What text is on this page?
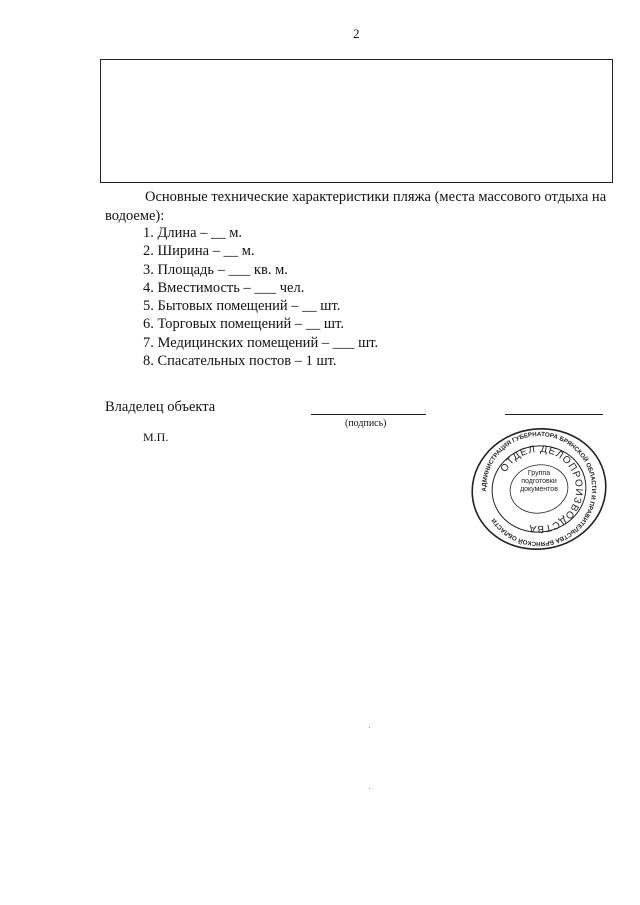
2

Основные технические характеристики пляжа (места массового отдыха на водоеме):

1. Длина – __ м.
2. Ширина – __ м.
3. Площадь – ___ кв. м.
4. Вместимость – ___ чел.
5. Бытовых помещений – __ шт.
6. Торговых помещений – __ шт.
7. Медицинских помещений – ___ шт.
8. Спасательных постов – 1 шт.
Владелец объекта
(подпись)
М.П.
АДМИНИСТРАЦИЯ ГУБЕРНАТОРА БРЯНСКОЙ ОБЛАСТИ И ПРАВИТЕЛЬСТВА БРЯНСКОЙ ОБЛАСТИ
ОТДЕЛ ДЕЛОПРОИЗВОДСТВА
Группа
подготовки
документов
